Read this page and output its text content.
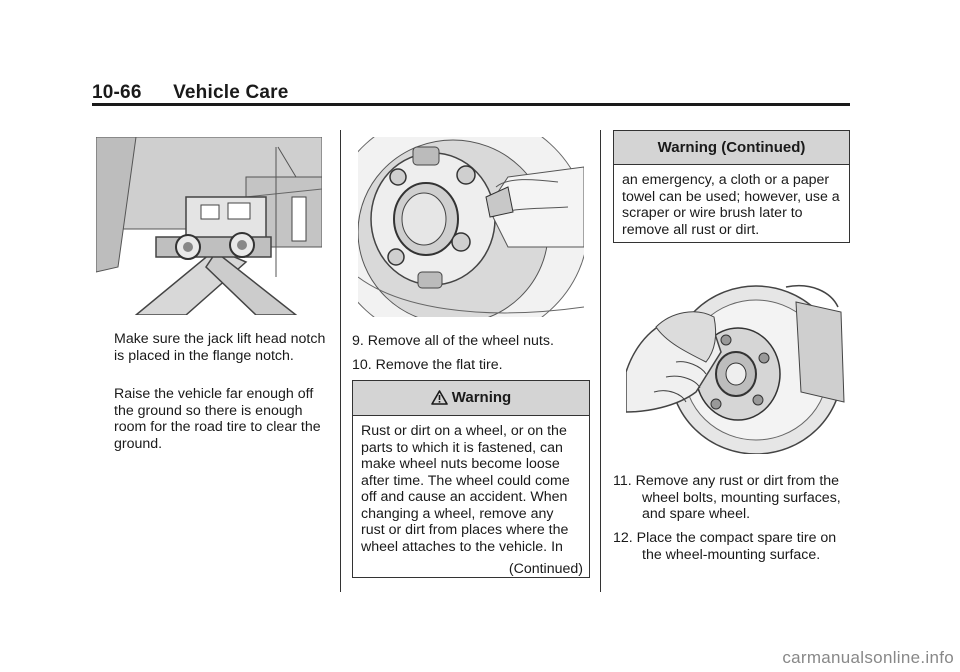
10-66 Vehicle Care

Make sure the jack lift head notch is placed in the flange notch.

Raise the vehicle far enough off the ground so there is enough room for the road tire to clear the ground.

9. Remove all of the wheel nuts.

10. Remove the flat tire.

Warning
Rust or dirt on a wheel, or on the parts to which it is fastened, can make wheel nuts become loose after time. The wheel could come off and cause an accident. When changing a wheel, remove any rust or dirt from places where the wheel attaches to the vehicle. In
(Continued)
Warning (Continued)
an emergency, a cloth or a paper towel can be used; however, use a scraper or wire brush later to remove all rust or dirt.
11. Remove any rust or dirt from the wheel bolts, mounting surfaces, and spare wheel.
12. Place the compact spare tire on the wheel-mounting surface.
carmanualsonline.info
